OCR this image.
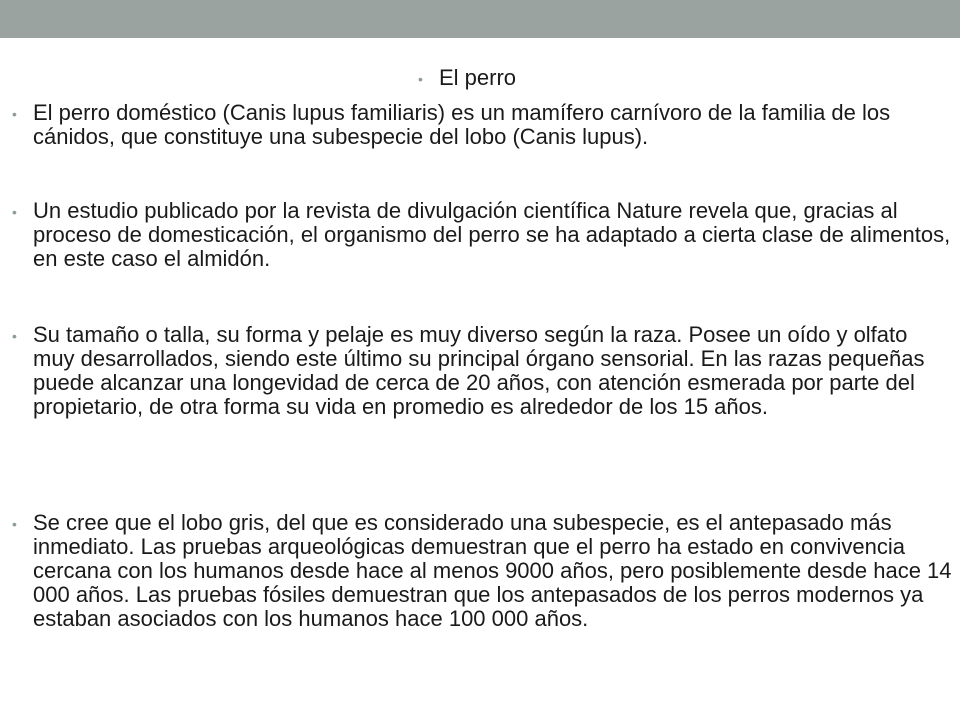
• El perro
• El perro doméstico (Canis lupus familiaris) es un mamífero carnívoro de la familia de los cánidos, que constituye una subespecie del lobo (Canis lupus).
• Un estudio publicado por la revista de divulgación científica Nature revela que, gracias al proceso de domesticación, el organismo del perro se ha adaptado a cierta clase de alimentos, en este caso el almidón.
• Su tamaño o talla, su forma y pelaje es muy diverso según la raza. Posee un oído y olfato muy desarrollados, siendo este último su principal órgano sensorial. En las razas pequeñas puede alcanzar una longevidad de cerca de 20 años, con atención esmerada por parte del propietario, de otra forma su vida en promedio es alrededor de los 15 años.
• Se cree que el lobo gris, del que es considerado una subespecie, es el antepasado más inmediato. Las pruebas arqueológicas demuestran que el perro ha estado en convivencia cercana con los humanos desde hace al menos 9000 años, pero posiblemente desde hace 14 000 años. Las pruebas fósiles demuestran que los antepasados de los perros modernos ya estaban asociados con los humanos hace 100 000 años.
